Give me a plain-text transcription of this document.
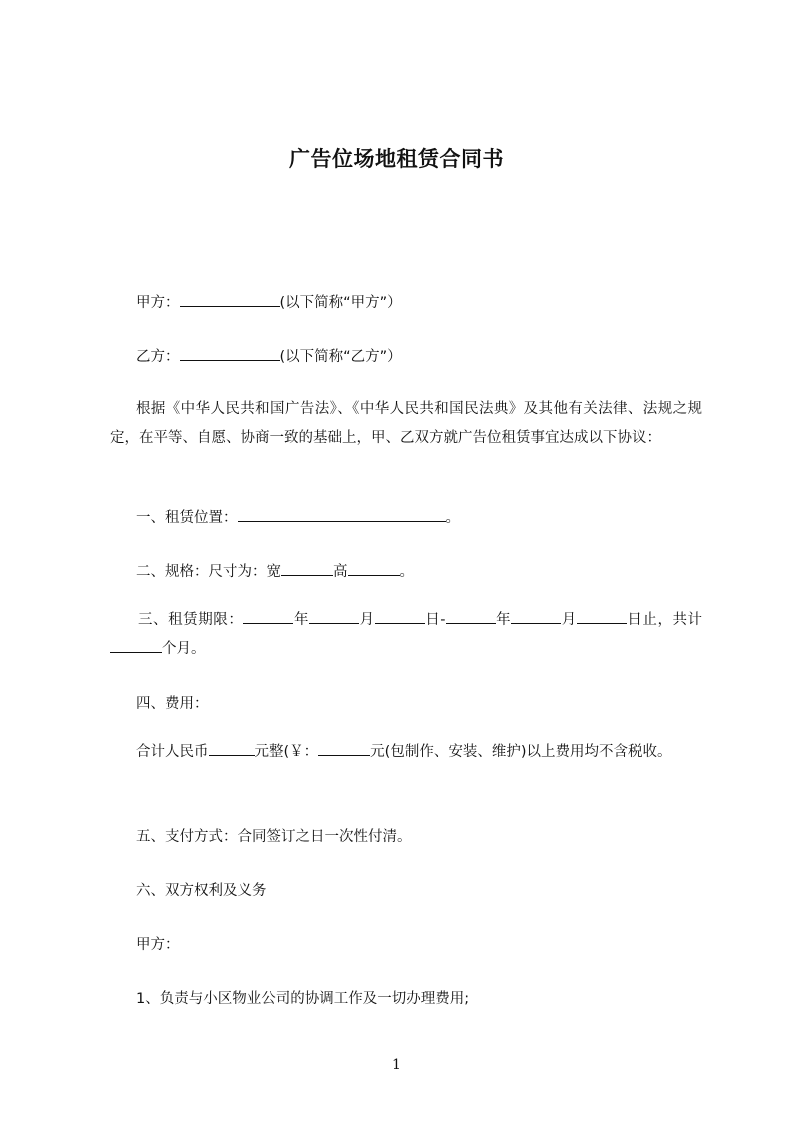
广告位场地租赁合同书
甲方：	(以下简称“甲方”）
乙方：	(以下简称“乙方”）
根据《中华人民共和国广告法》、《中华人民共和国民法典》及其他有关法律、法规之规定，在平等、自愿、协商一致的基础上，甲、乙双方就广告位租赁事宜达成以下协议：
一、租赁位置：	。
二、规格：尺寸为：宽	高	。
三、租赁期限：	年	月	日-	年	月	日止，共计个月。
四、费用：
合计人民币	元整(￥：	元(包制作、安装、维护)以上费用均不含税收。
五、支付方式：合同签订之日一次性付清。
六、双方权利及义务
甲方：
1、负责与小区物业公司的协调工作及一切办理费用;
1
